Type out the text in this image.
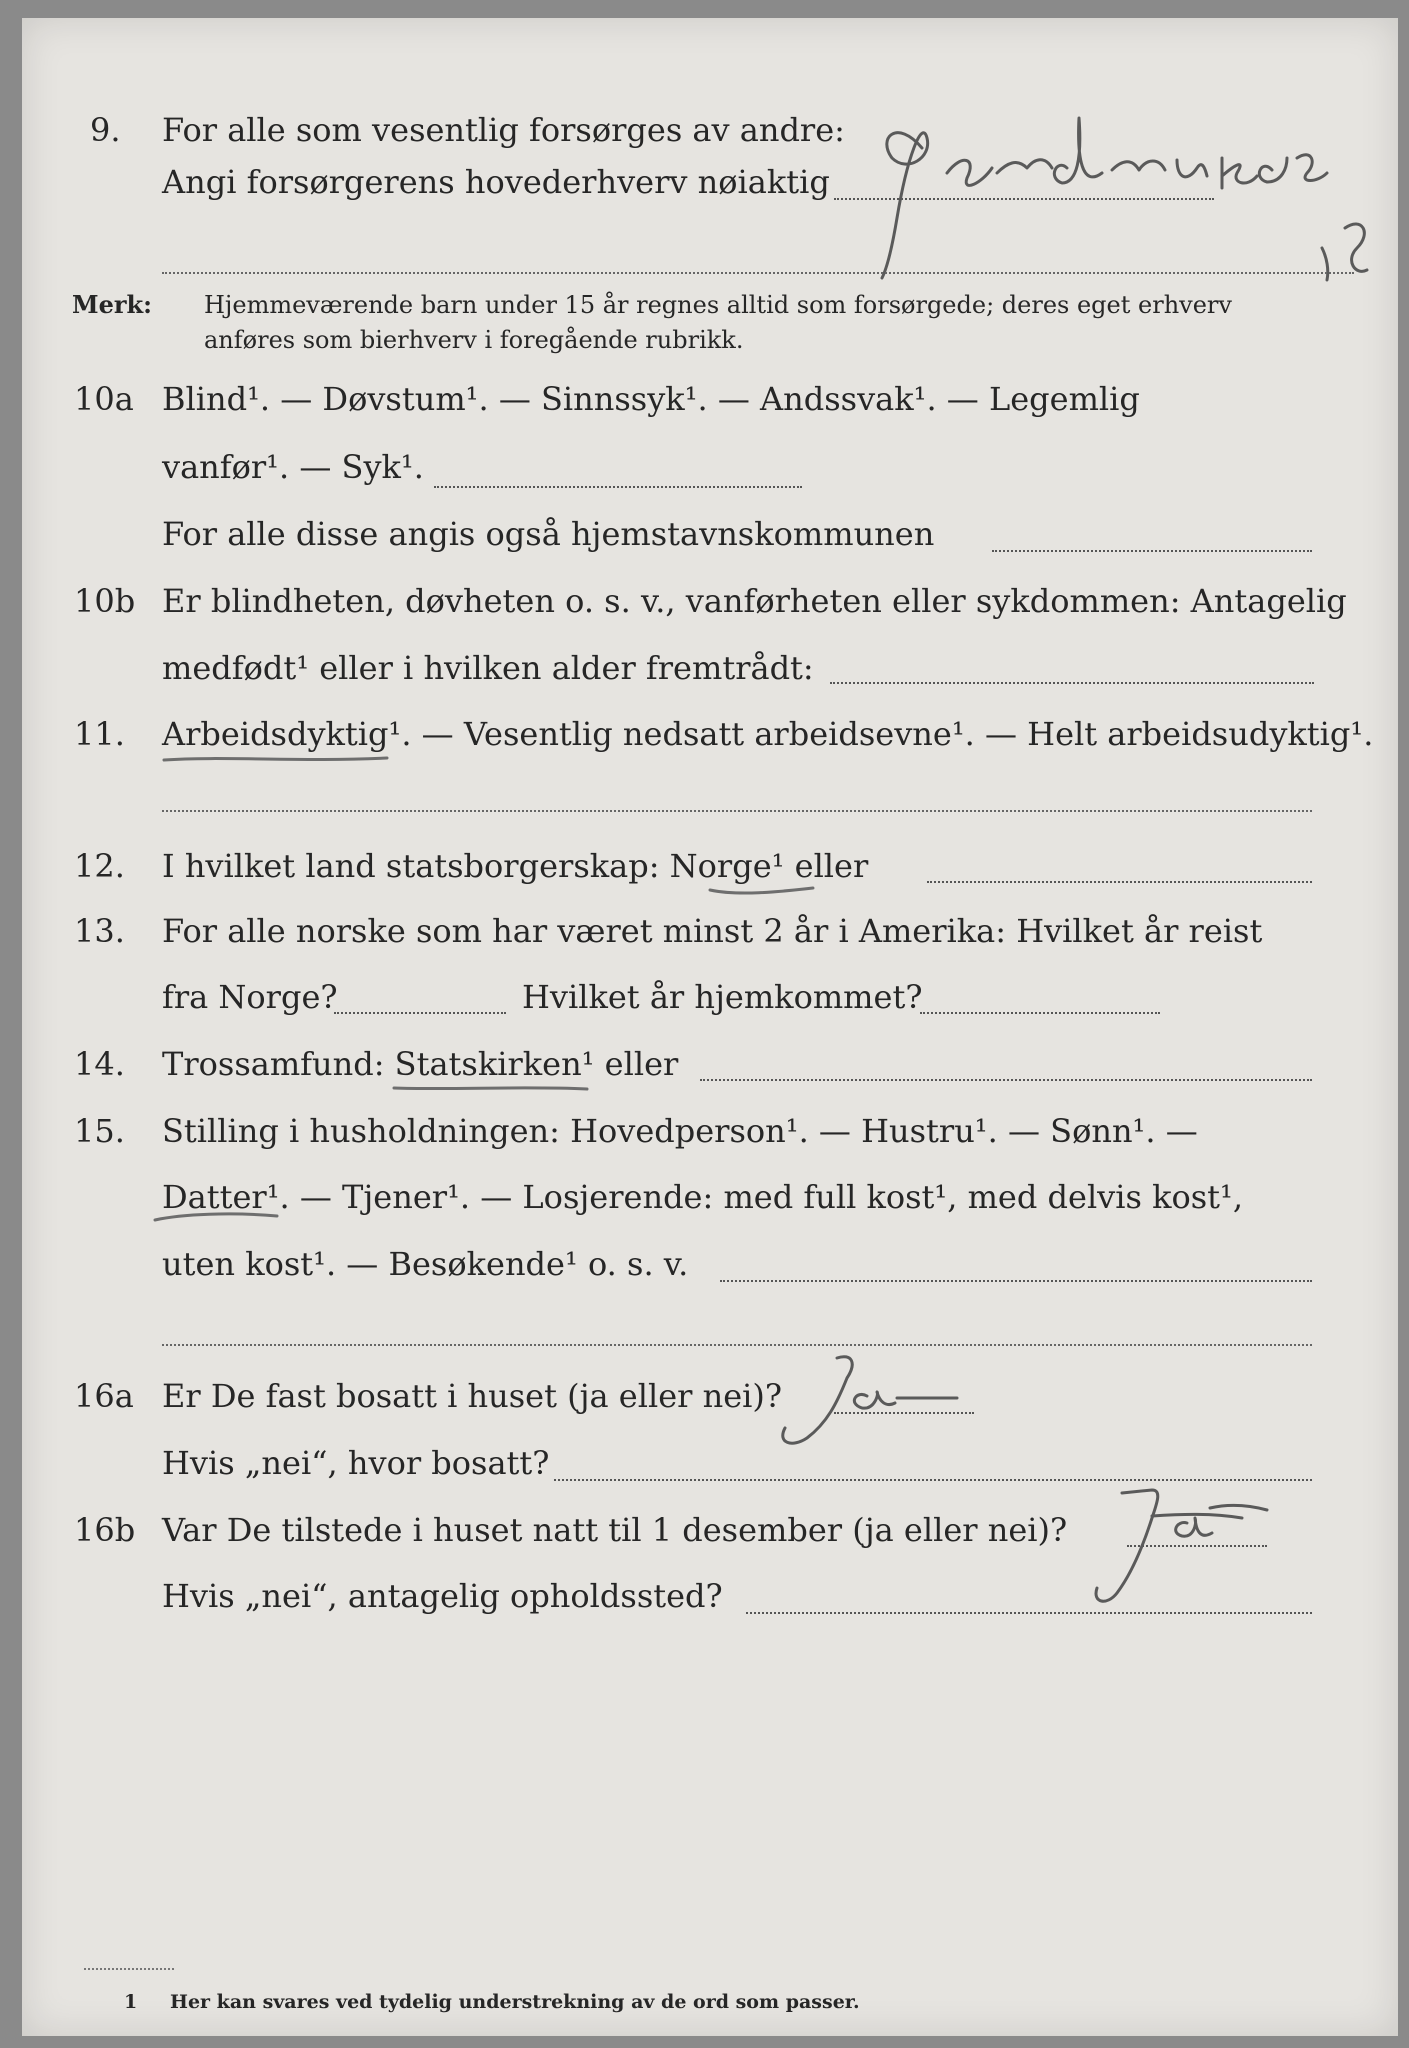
9. For alle som vesentlig forsørges av andre:
Angi forsørgerens hovederhverv nøiaktig
Merk: Hjemmeværende barn under 15 år regnes alltid som forsørgede; deres eget erhverv
anføres som bierhverv i foregående rubrikk.
10a Blind¹. — Døvstum¹. — Sinnssyk¹. — Andssvak¹. — Legemlig
vanfør¹. — Syk¹.
For alle disse angis også hjemstavnskommunen
10b Er blindheten, døvheten o. s. v., vanførheten eller sykdommen: Antagelig
medfødt¹ eller i hvilken alder fremtrådt:
11. Arbeidsdyktig¹. — Vesentlig nedsatt arbeidsevne¹. — Helt arbeidsudyktig¹.
12. I hvilket land statsborgerskap: Norge¹ eller
13. For alle norske som har været minst 2 år i Amerika: Hvilket år reist
fra Norge?	Hvilket år hjemkommet?
14. Trossamfund: Statskirken¹ eller
15. Stilling i husholdningen: Hovedperson¹. — Hustru¹. — Sønn¹. —
Datter¹. — Tjener¹. — Losjerende: med full kost¹, med delvis kost¹,
uten kost¹. — Besøkende¹ o. s. v.
16a Er De fast bosatt i huset (ja eller nei)?
Hvis „nei“, hvor bosatt?
16b Var De tilstede i huset natt til 1 desember (ja eller nei)?
Hvis „nei“, antagelig opholdssted?
1 Her kan svares ved tydelig understrekning av de ord som passer.
